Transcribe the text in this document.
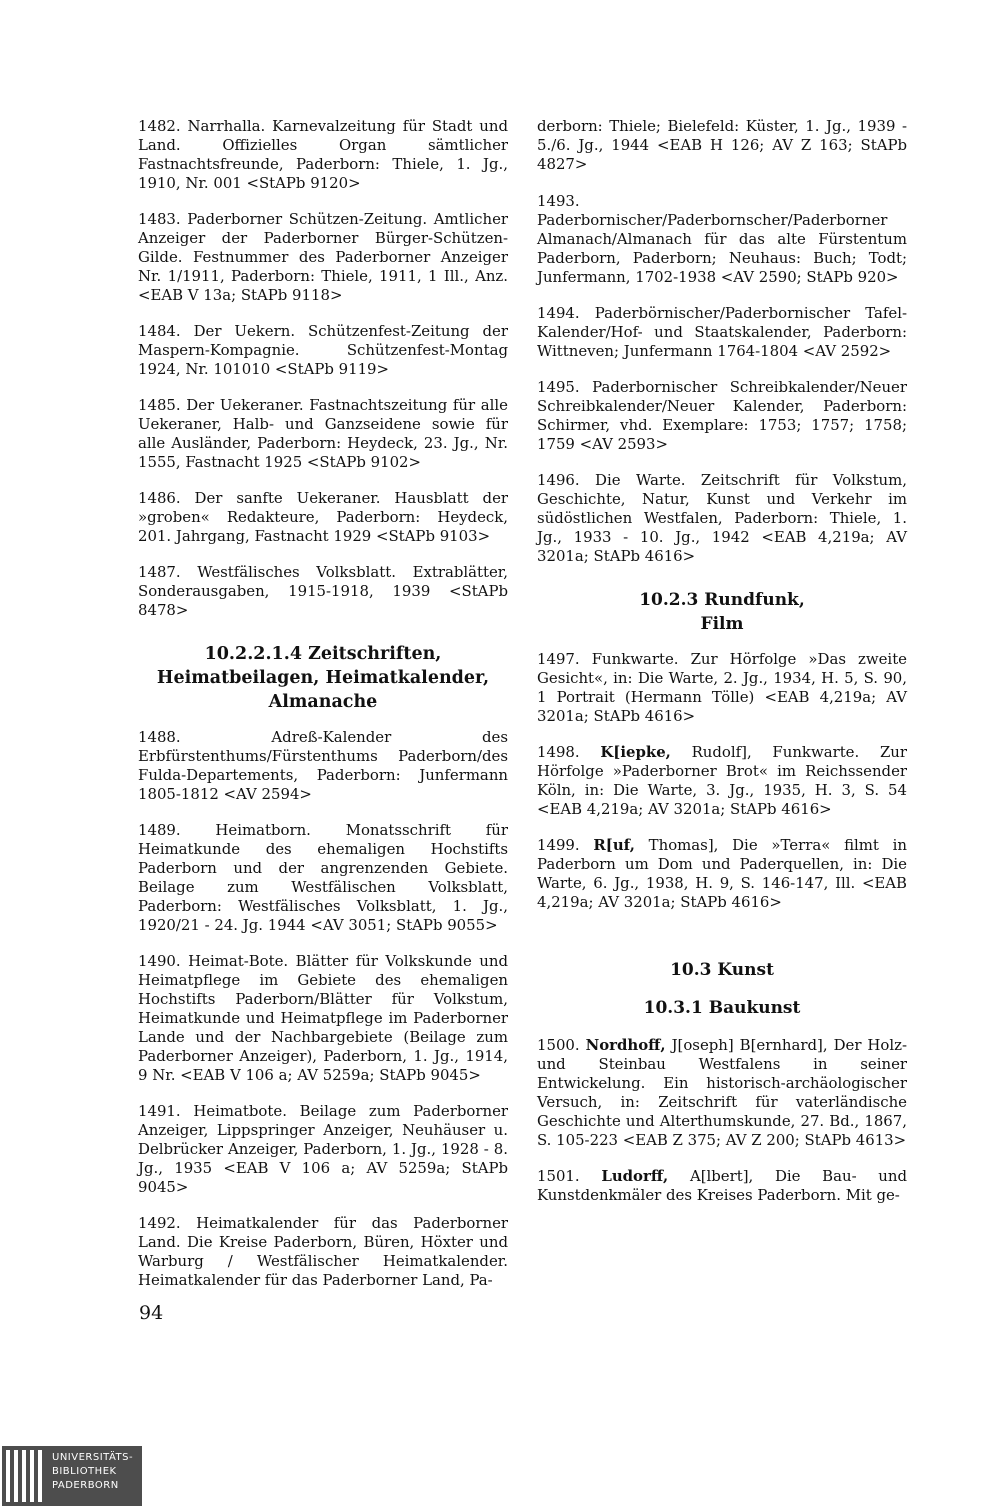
1482. Narrhalla. Karnevalzeitung für Stadt und Land. Offizielles Organ sämtlicher Fastnachtsfreunde, Paderborn: Thiele, 1. Jg., 1910, Nr. 001 <StAPb 9120>
1483. Paderborner Schützen-Zeitung. Amtlicher Anzeiger der Paderborner Bürger-Schützen-Gilde. Festnummer des Paderborner Anzeiger Nr. 1/1911, Paderborn: Thiele, 1911, 1 Ill., Anz. <EAB V 13a; StAPb 9118>
1484. Der Uekern. Schützenfest-Zeitung der Maspern-Kompagnie. Schützenfest-Montag 1924, Nr. 101010 <StAPb 9119>
1485. Der Uekeraner. Fastnachtszeitung für alle Uekeraner, Halb- und Ganzseidene sowie für alle Ausländer, Paderborn: Heydeck, 23. Jg., Nr. 1555, Fastnacht 1925 <StAPb 9102>
1486. Der sanfte Uekeraner. Hausblatt der »groben« Redakteure, Paderborn: Heydeck, 201. Jahrgang, Fastnacht 1929 <StAPb 9103>
1487. Westfälisches Volksblatt. Extrablätter, Sonderausgaben, 1915-1918, 1939 <StAPb 8478>
10.2.2.1.4 Zeitschriften, Heimatbeilagen, Heimatkalender, Almanache
1488. Adreß-Kalender des Erbfürstenthums/Fürstenthums Paderborn/des Fulda-Departements, Paderborn: Junfermann 1805-1812 <AV 2594>
1489. Heimatborn. Monatsschrift für Heimatkunde des ehemaligen Hochstifts Paderborn und der angrenzenden Gebiete. Beilage zum Westfälischen Volksblatt, Paderborn: Westfälisches Volksblatt, 1. Jg., 1920/21 - 24. Jg. 1944 <AV 3051; StAPb 9055>
1490. Heimat-Bote. Blätter für Volkskunde und Heimatpflege im Gebiete des ehemaligen Hochstifts Paderborn/Blätter für Volkstum, Heimatkunde und Heimatpflege im Paderborner Lande und der Nachbargebiete (Beilage zum Paderborner Anzeiger), Paderborn, 1. Jg., 1914, 9 Nr. <EAB V 106 a; AV 5259a; StAPb 9045>
1491. Heimatbote. Beilage zum Paderborner Anzeiger, Lippspringer Anzeiger, Neuhäuser u. Delbrücker Anzeiger, Paderborn, 1. Jg., 1928 - 8. Jg., 1935 <EAB V 106 a; AV 5259a; StAPb 9045>
1492. Heimatkalender für das Paderborner Land. Die Kreise Paderborn, Büren, Höxter und Warburg / Westfälischer Heimatkalender. Heimatkalender für das Paderborner Land, Pa-
derborn: Thiele; Bielefeld: Küster, 1. Jg., 1939 - 5./6. Jg., 1944 <EAB H 126; AV Z 163; StAPb 4827>
1493. Paderbornischer/Paderbornscher/Paderborner Almanach/Almanach für das alte Fürstentum Paderborn, Paderborn; Neuhaus: Buch; Todt; Junfermann, 1702-1938 <AV 2590; StAPb 920>
1494. Paderbörnischer/Paderbornischer Tafel-Kalender/Hof- und Staatskalender, Paderborn: Wittneven; Junfermann 1764-1804 <AV 2592>
1495. Paderbornischer Schreibkalender/Neuer Schreibkalender/Neuer Kalender, Paderborn: Schirmer, vhd. Exemplare: 1753; 1757; 1758; 1759 <AV 2593>
1496. Die Warte. Zeitschrift für Volkstum, Geschichte, Natur, Kunst und Verkehr im südöstlichen Westfalen, Paderborn: Thiele, 1. Jg., 1933 - 10. Jg., 1942 <EAB 4,219a; AV 3201a; StAPb 4616>
10.2.3 Rundfunk, Film
1497. Funkwarte. Zur Hörfolge »Das zweite Gesicht«, in: Die Warte, 2. Jg., 1934, H. 5, S. 90, 1 Portrait (Hermann Tölle) <EAB 4,219a; AV 3201a; StAPb 4616>
1498. K[iepke, Rudolf], Funkwarte. Zur Hörfolge »Paderborner Brot« im Reichssender Köln, in: Die Warte, 3. Jg., 1935, H. 3, S. 54 <EAB 4,219a; AV 3201a; StAPb 4616>
1499. R[uf, Thomas], Die »Terra« filmt in Paderborn um Dom und Paderquellen, in: Die Warte, 6. Jg., 1938, H. 9, S. 146-147, Ill. <EAB 4,219a; AV 3201a; StAPb 4616>
10.3 Kunst
10.3.1 Baukunst
1500. Nordhoff, J[oseph] B[ernhard], Der Holz- und Steinbau Westfalens in seiner Entwickelung. Ein historisch-archäologischer Versuch, in: Zeitschrift für vaterländische Geschichte und Alterthumskunde, 27. Bd., 1867, S. 105-223 <EAB Z 375; AV Z 200; StAPb 4613>
1501. Ludorff, A[lbert], Die Bau- und Kunstdenkmäler des Kreises Paderborn. Mit ge-
94
UNIVERSITÄTS-
BIBLIOTHEK
PADERBORN
